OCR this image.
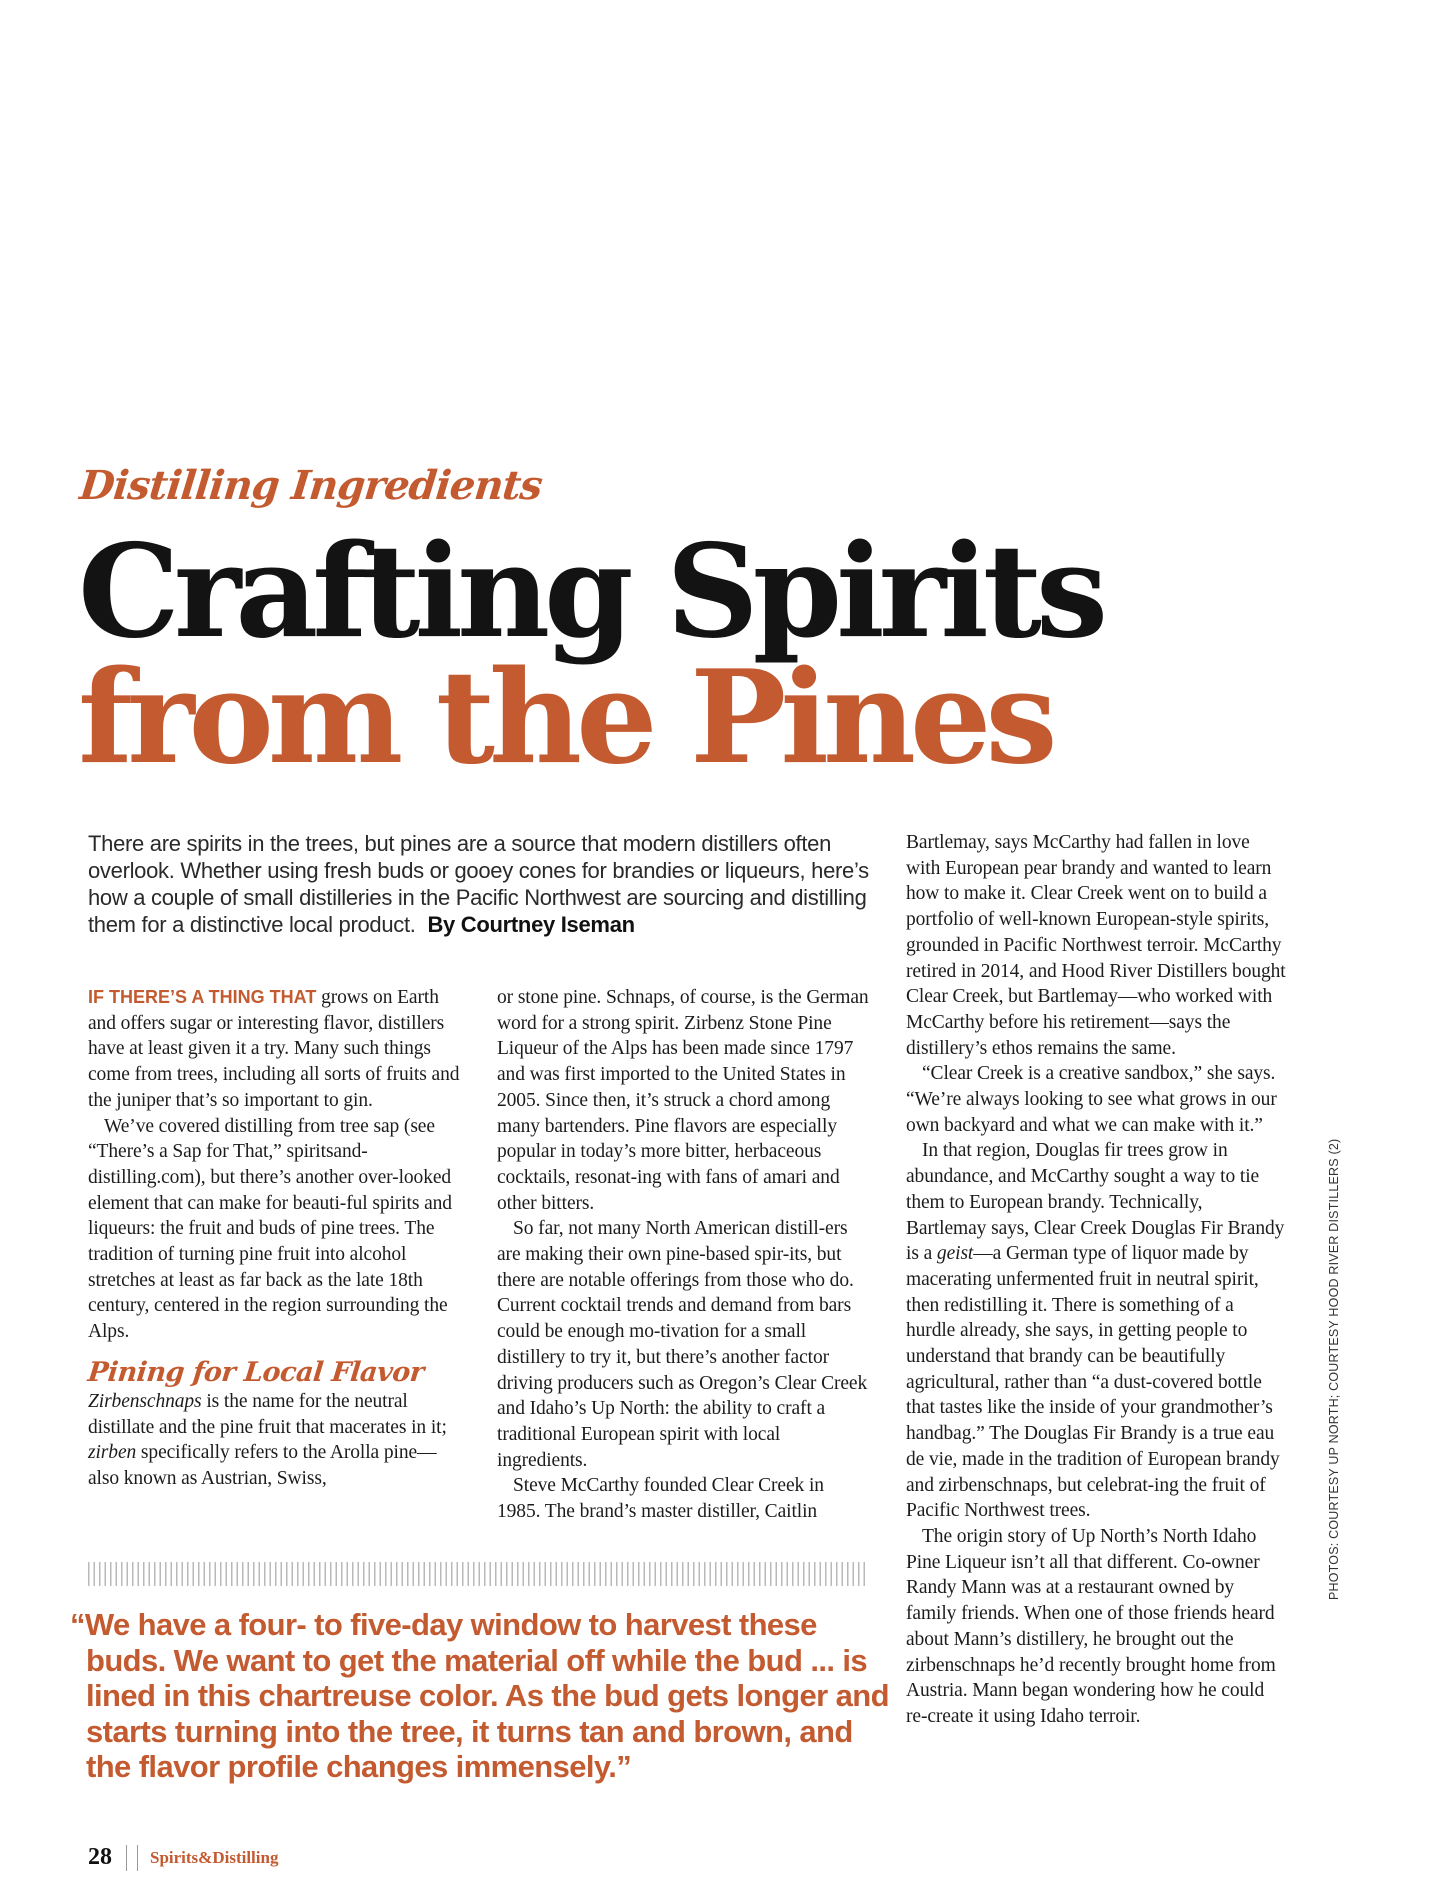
Distilling Ingredients
Crafting Spirits
from the Pines
There are spirits in the trees, but pines are a source that modern distillers often overlook. Whether using fresh buds or gooey cones for brandies or liqueurs, here’s how a couple of small distilleries in the Pacific Northwest are sourcing and distilling them for a distinctive local product. By Courtney Iseman

IF THERE’S A THING THAT grows on Earth and offers sugar or interesting flavor, distillers have at least given it a try. Many such things come from trees, including all sorts of fruits and the juniper that’s so important to gin.

We’ve covered distilling from tree sap (see “There’s a Sap for That,” spiritsand-distilling.com), but there’s another over-looked element that can make for beauti-ful spirits and liqueurs: the fruit and buds of pine trees. The tradition of turning pine fruit into alcohol stretches at least as far back as the late 18th century, centered in the region surrounding the Alps.

Pining for Local Flavor

Zirbenschnaps is the name for the neutral distillate and the pine fruit that macerates in it; zirben specifically refers to the Arolla pine—also known as Austrian, Swiss,

or stone pine. Schnaps, of course, is the German word for a strong spirit. Zirbenz Stone Pine Liqueur of the Alps has been made since 1797 and was first imported to the United States in 2005. Since then, it’s struck a chord among many bartenders. Pine flavors are especially popular in today’s more bitter, herbaceous cocktails, resonat-ing with fans of amari and other bitters.

So far, not many North American distill-ers are making their own pine-based spir-its, but there are notable offerings from those who do. Current cocktail trends and demand from bars could be enough mo-tivation for a small distillery to try it, but there’s another factor driving producers such as Oregon’s Clear Creek and Idaho’s Up North: the ability to craft a traditional European spirit with local ingredients.

Steve McCarthy founded Clear Creek in 1985. The brand’s master distiller, Caitlin

Bartlemay, says McCarthy had fallen in love with European pear brandy and wanted to learn how to make it. Clear Creek went on to build a portfolio of well-known European-style spirits, grounded in Pacific Northwest terroir. McCarthy retired in 2014, and Hood River Distillers bought Clear Creek, but Bartlemay—who worked with McCarthy before his retirement—says the distillery’s ethos remains the same.

“Clear Creek is a creative sandbox,” she says. “We’re always looking to see what grows in our own backyard and what we can make with it.”

In that region, Douglas fir trees grow in abundance, and McCarthy sought a way to tie them to European brandy. Technically, Bartlemay says, Clear Creek Douglas Fir Brandy is a geist—a German type of liquor made by macerating unfermented fruit in neutral spirit, then redistilling it. There is something of a hurdle already, she says, in getting people to understand that brandy can be beautifully agricultural, rather than “a dust-covered bottle that tastes like the inside of your grandmother’s handbag.” The Douglas Fir Brandy is a true eau de vie, made in the tradition of European brandy and zirbenschnaps, but celebrat-ing the fruit of Pacific Northwest trees.

The origin story of Up North’s North Idaho Pine Liqueur isn’t all that different. Co-owner Randy Mann was at a restaurant owned by family friends. When one of those friends heard about Mann’s distillery, he brought out the zirbenschnaps he’d recently brought home from Austria. Mann began wondering how he could re-create it using Idaho terroir.

“We have a four- to five-day window to harvest these
buds. We want to get the material off while the bud ... is lined in this chartreuse color. As the bud gets longer and starts turning into the tree, it turns tan and brown, and the flavor profile changes immensely.”
28 Spirits&Distilling
PHOTOS: COURTESY UP NORTH; COURTESY HOOD RIVER DISTILLERS (2)
